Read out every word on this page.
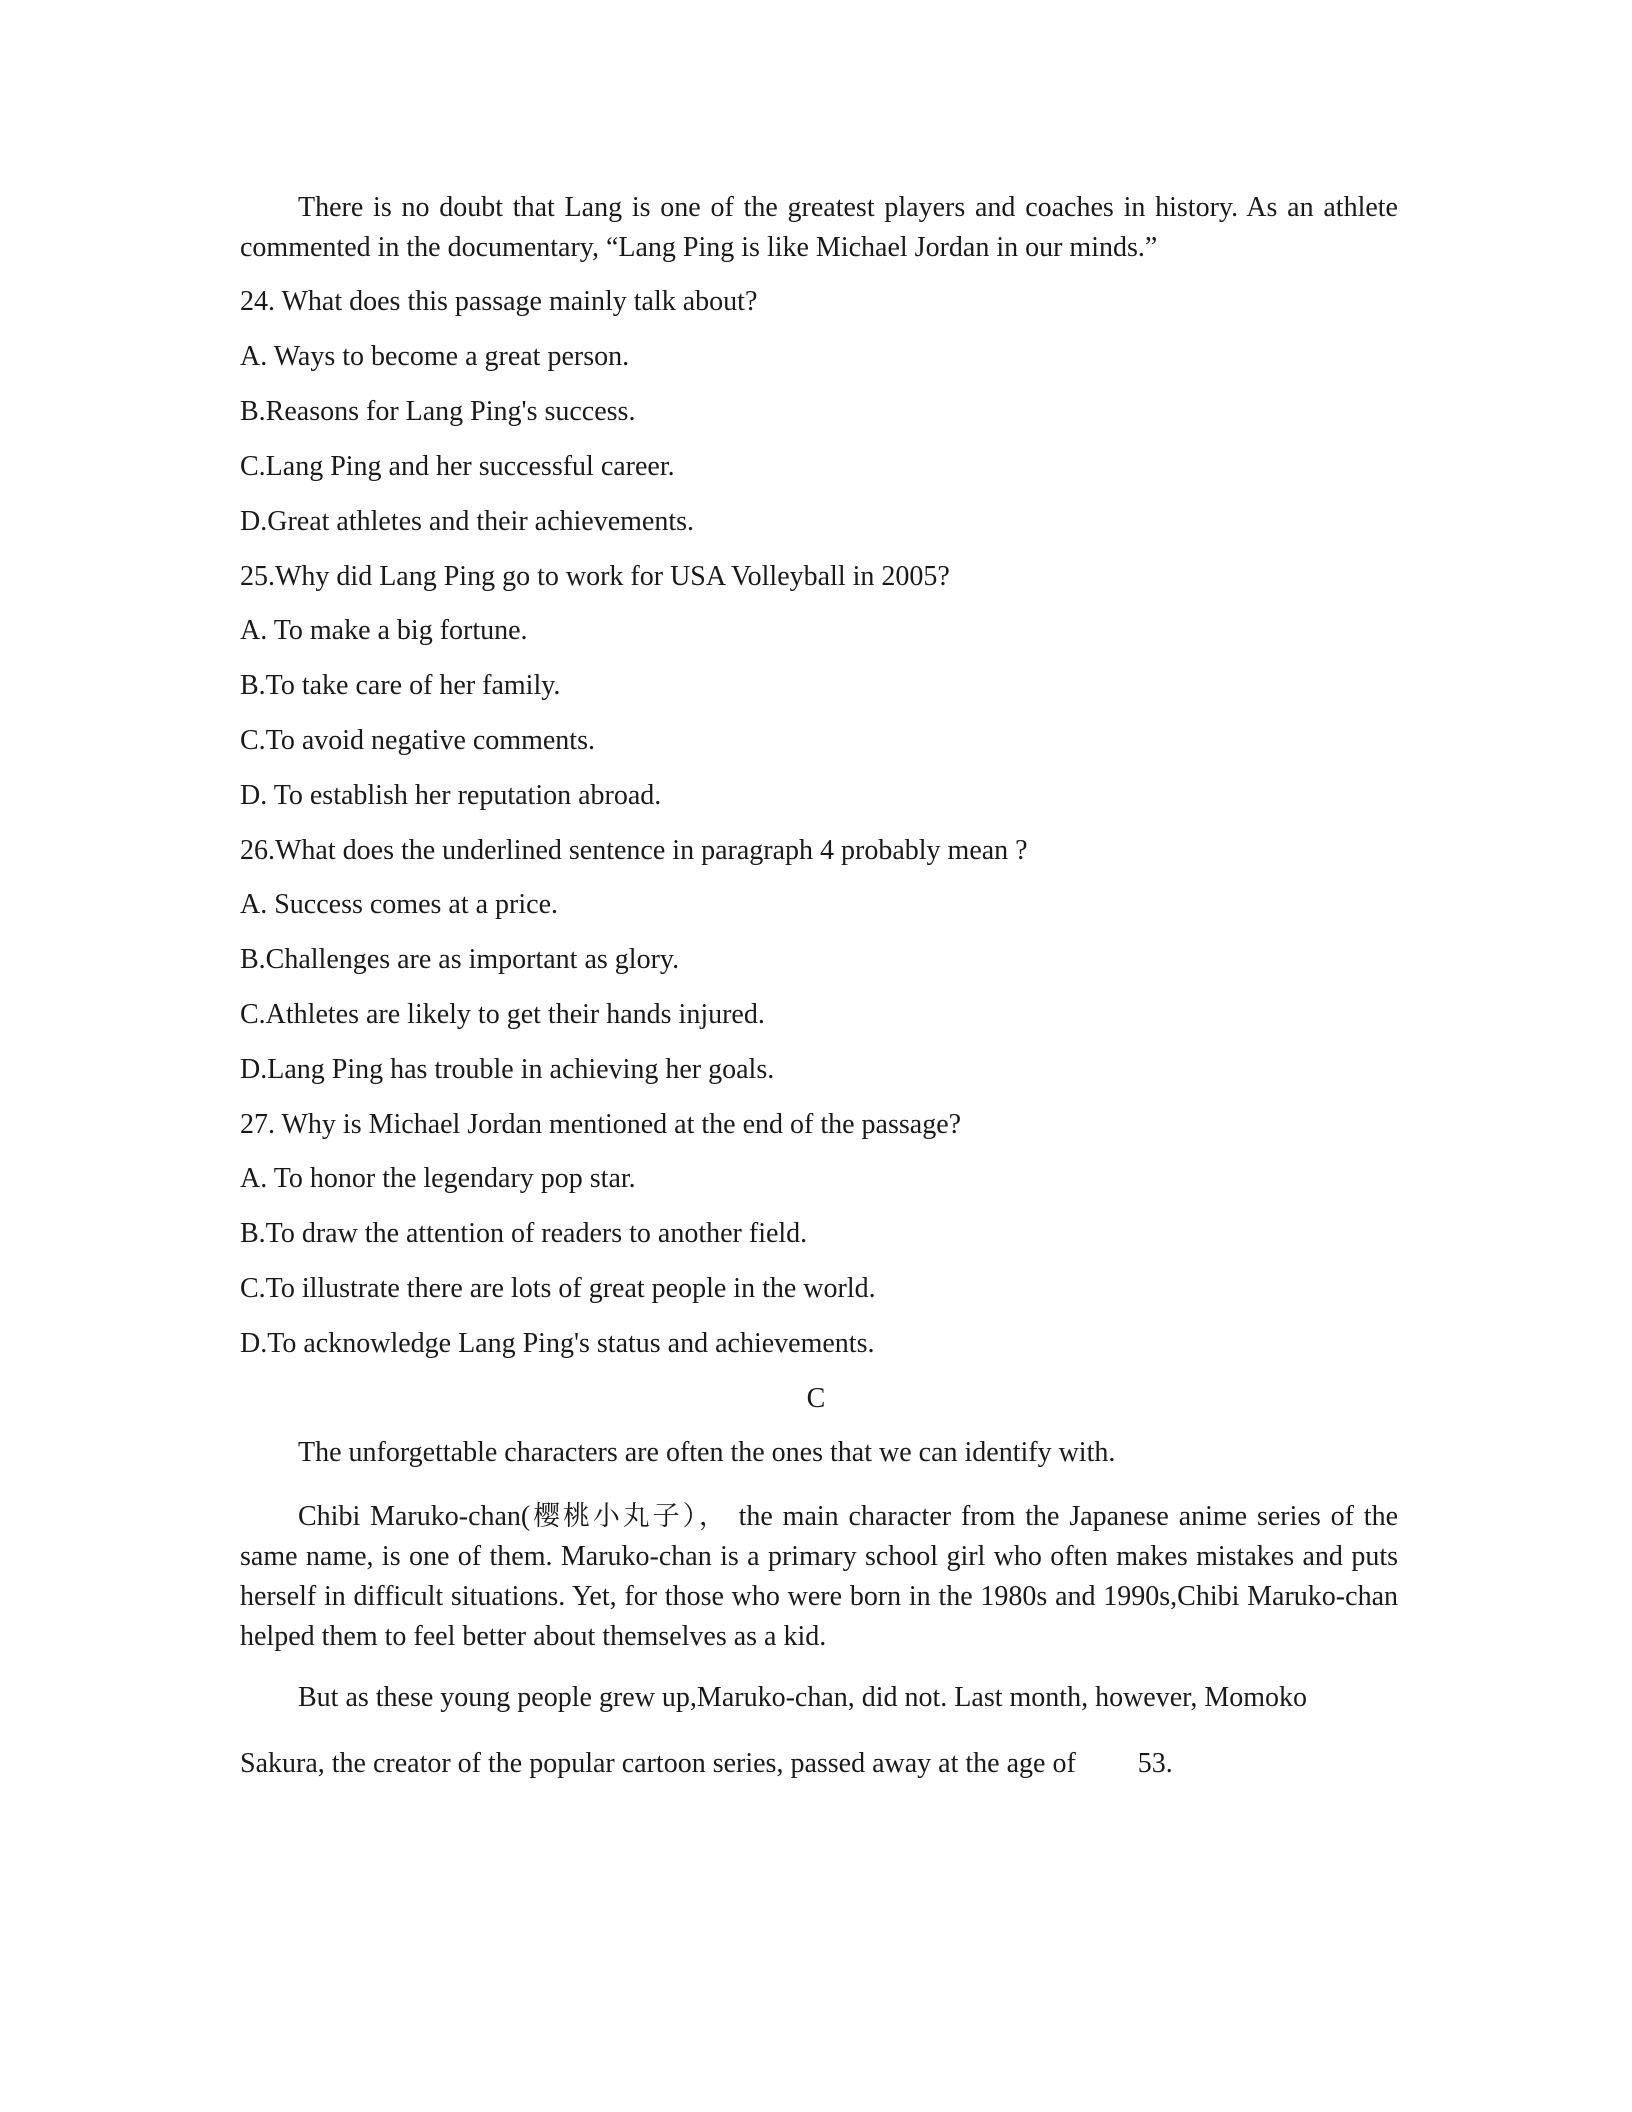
There is no doubt that Lang is one of the greatest players and coaches in history. As an athlete commented in the documentary, “Lang Ping is like Michael Jordan in our minds.”
24. What does this passage mainly talk about?
A. Ways to become a great person.
B.Reasons for Lang Ping's success.
C.Lang Ping and her successful career.
D.Great athletes and their achievements.
25.Why did Lang Ping go to work for USA Volleyball in 2005?
A. To make a big fortune.
B.To take care of her family.
C.To avoid negative comments.
D. To establish her reputation abroad.
26.What does the underlined sentence in paragraph 4 probably mean ?
A. Success comes at a price.
B.Challenges are as important as glory.
C.Athletes are likely to get their hands injured.
D.Lang Ping has trouble in achieving her goals.
27. Why is Michael Jordan mentioned at the end of the passage?
A. To honor the legendary pop star.
B.To draw the attention of readers to another field.
C.To illustrate there are lots of great people in the world.
D.To acknowledge Lang Ping's status and achievements.
C
The unforgettable characters are often the ones that we can identify with.
Chibi Maruko-chan(樱桃小丸子）， the main character from the Japanese anime series of the same name, is one of them. Maruko-chan is a primary school girl who often makes mistakes and puts herself in difficult situations. Yet, for those who were born in the 1980s and 1990s,Chibi Maruko-chan helped them to feel better about themselves as a kid.
But as these young people grew up,Maruko-chan, did not. Last month, however, Momoko
Sakura, the creator of the popular cartoon series, passed away at the age of 53.
